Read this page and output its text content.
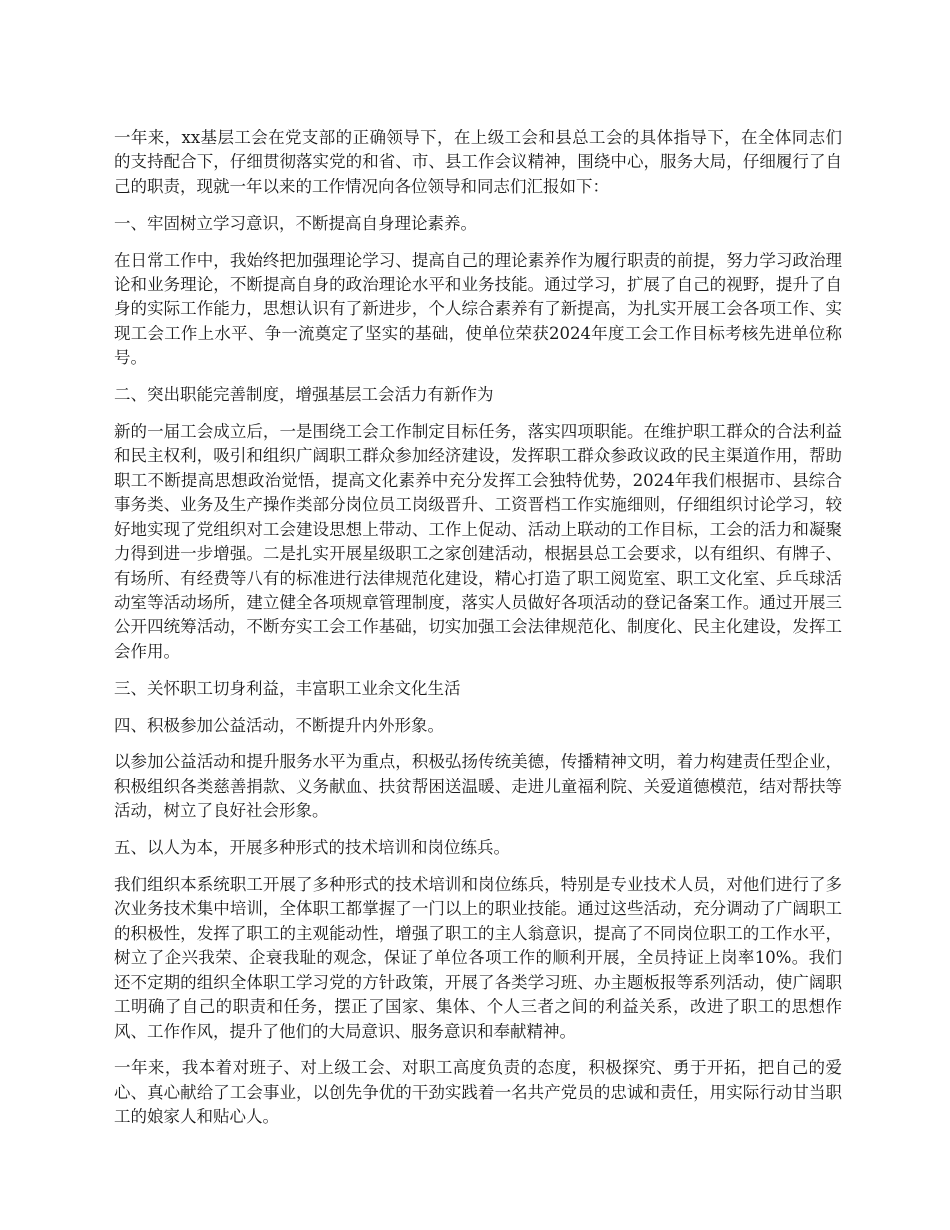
一年来，xx基层工会在党支部的正确领导下，在上级工会和县总工会的具体指导下，在全体同志们的支持配合下，仔细贯彻落实党的和省、市、县工作会议精神，围绕中心，服务大局，仔细履行了自己的职责，现就一年以来的工作情况向各位领导和同志们汇报如下：

一、牢固树立学习意识，不断提高自身理论素养。

在日常工作中，我始终把加强理论学习、提高自己的理论素养作为履行职责的前提，努力学习政治理论和业务理论，不断提高自身的政治理论水平和业务技能。通过学习，扩展了自己的视野，提升了自身的实际工作能力，思想认识有了新进步，个人综合素养有了新提高，为扎实开展工会各项工作、实现工会工作上水平、争一流奠定了坚实的基础，使单位荣获2024年度工会工作目标考核先进单位称号。

二、突出职能完善制度，增强基层工会活力有新作为

新的一届工会成立后，一是围绕工会工作制定目标任务，落实四项职能。在维护职工群众的合法利益和民主权利，吸引和组织广阔职工群众参加经济建设，发挥职工群众参政议政的民主渠道作用，帮助职工不断提高思想政治觉悟，提高文化素养中充分发挥工会独特优势，2024年我们根据市、县综合事务类、业务及生产操作类部分岗位员工岗级晋升、工资晋档工作实施细则，仔细组织讨论学习，较好地实现了党组织对工会建设思想上带动、工作上促动、活动上联动的工作目标，工会的活力和凝聚力得到进一步增强。二是扎实开展星级职工之家创建活动，根据县总工会要求，以有组织、有牌子、有场所、有经费等八有的标准进行法律规范化建设，精心打造了职工阅览室、职工文化室、乒乓球活动室等活动场所，建立健全各项规章管理制度，落实人员做好各项活动的登记备案工作。通过开展三公开四统筹活动，不断夯实工会工作基础，切实加强工会法律规范化、制度化、民主化建设，发挥工会作用。

三、关怀职工切身利益，丰富职工业余文化生活

四、积极参加公益活动，不断提升内外形象。

以参加公益活动和提升服务水平为重点，积极弘扬传统美德，传播精神文明，着力构建责任型企业，积极组织各类慈善捐款、义务献血、扶贫帮困送温暖、走进儿童福利院、关爱道德模范，结对帮扶等活动，树立了良好社会形象。

五、以人为本，开展多种形式的技术培训和岗位练兵。

我们组织本系统职工开展了多种形式的技术培训和岗位练兵，特别是专业技术人员，对他们进行了多次业务技术集中培训，全体职工都掌握了一门以上的职业技能。通过这些活动，充分调动了广阔职工的积极性，发挥了职工的主观能动性，增强了职工的主人翁意识，提高了不同岗位职工的工作水平，树立了企兴我荣、企衰我耻的观念，保证了单位各项工作的顺利开展，全员持证上岗率10%。我们还不定期的组织全体职工学习党的方针政策，开展了各类学习班、办主题板报等系列活动，使广阔职工明确了自己的职责和任务，摆正了国家、集体、个人三者之间的利益关系，改进了职工的思想作风、工作作风，提升了他们的大局意识、服务意识和奉献精神。

一年来，我本着对班子、对上级工会、对职工高度负责的态度，积极探究、勇于开拓，把自己的爱心、真心献给了工会事业，以创先争优的干劲实践着一名共产党员的忠诚和责任，用实际行动甘当职工的娘家人和贴心人。
